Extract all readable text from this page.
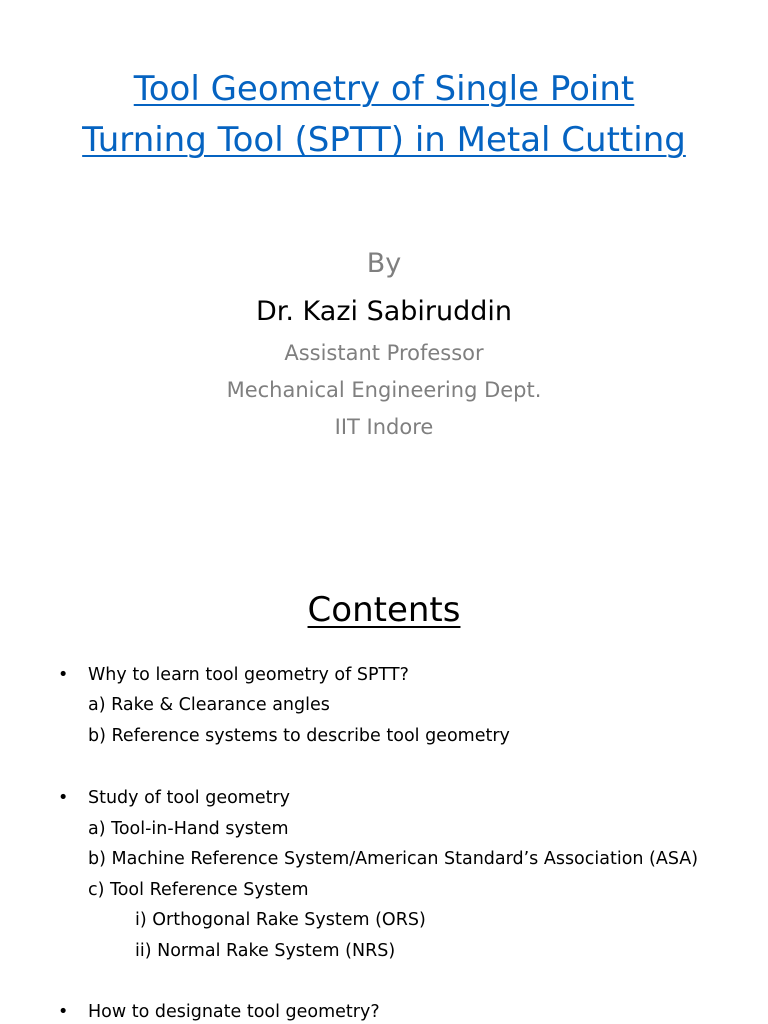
Tool Geometry of Single Point
Turning Tool (SPTT) in Metal Cutting
By
Dr. Kazi Sabiruddin
Assistant Professor
Mechanical Engineering Dept.
IIT Indore
Contents
• Why to learn tool geometry of SPTT?
a) Rake & Clearance angles
b) Reference systems to describe tool geometry
• Study of tool geometry
a) Tool-in-Hand system
b) Machine Reference System/American Standard’s Association (ASA)
c) Tool Reference System
i) Orthogonal Rake System (ORS)
ii) Normal Rake System (NRS)
• How to designate tool geometry?
